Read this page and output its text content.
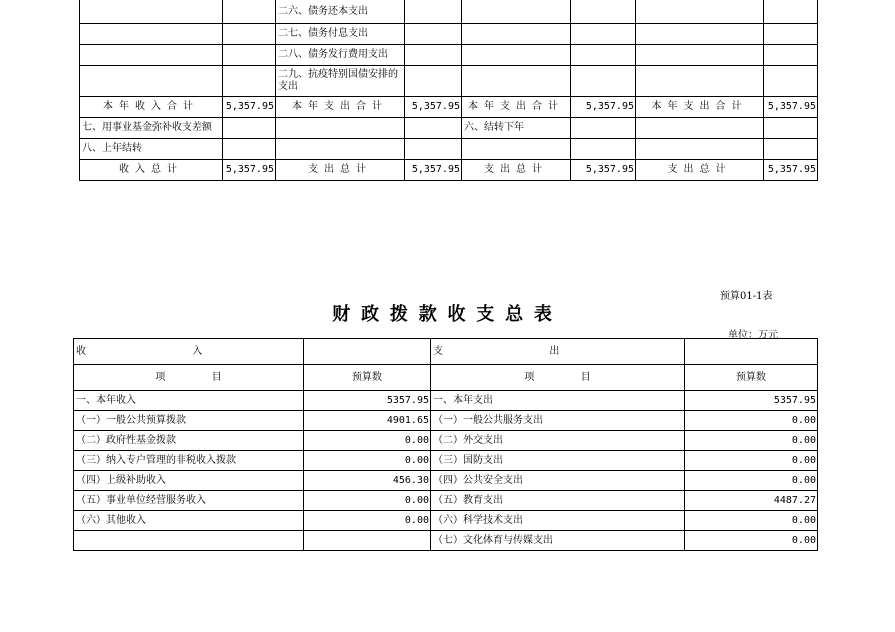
		二六、债务还本支出					
		二七、债务付息支出					
		二八、债务发行费用支出					
		二九、抗疫特别国债安排的支出					
本年收入合计	5,357.95	本年支出合计	5,357.95	本年支出合计	5,357.95	本年支出合计	5,357.95
七、用事业基金弥补收支差额				六、结转下年			
八、上年结转							
收入总计	5,357.95	支出总计	5,357.95	支出总计	5,357.95	支出总计	5,357.95
预算01-1表
财政拨款收支总表
单位：万元
收 入		支 出	
项 目	预算数	项 目	预算数
一、本年收入	5357.95	一、本年支出	5357.95
（一）一般公共预算拨款	4901.65	（一）一般公共服务支出	0.00
（二）政府性基金拨款	0.00	（二）外交支出	0.00
（三）纳入专户管理的非税收入拨款	0.00	（三）国防支出	0.00
（四）上级补助收入	456.30	（四）公共安全支出	0.00
（五）事业单位经营服务收入	0.00	（五）教育支出	4487.27
（六）其他收入	0.00	（六）科学技术支出	0.00
		（七）文化体育与传媒支出	0.00
